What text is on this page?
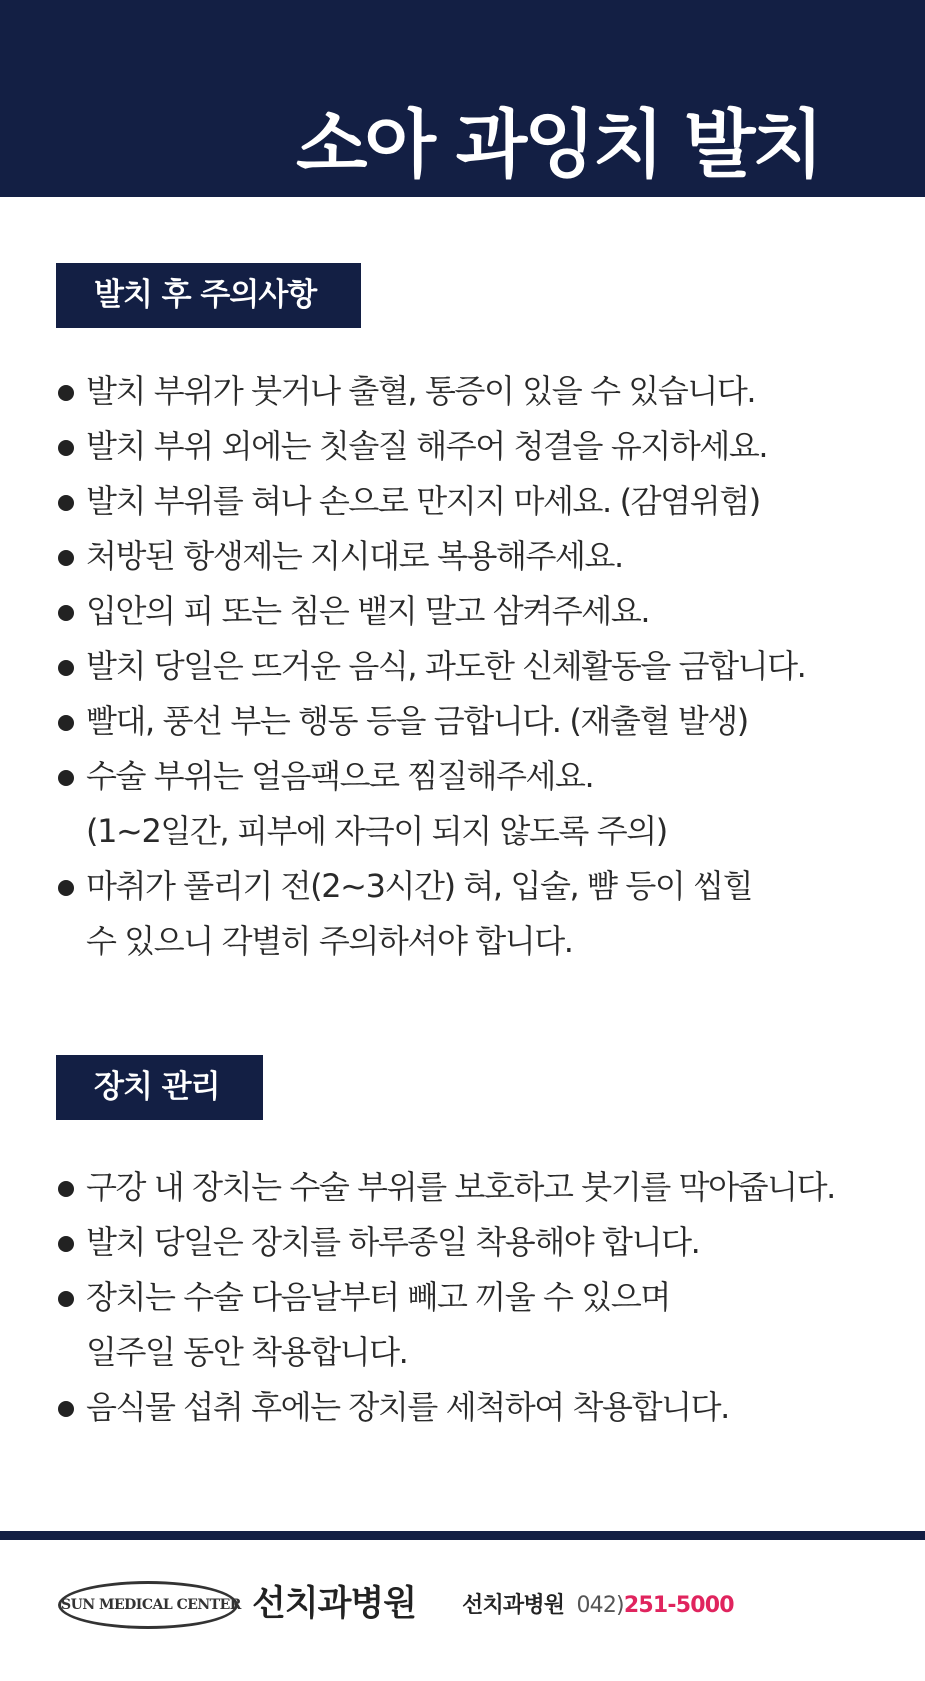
소아 과잉치 발치
발치 후 주의사항
발치 부위가 붓거나 출혈, 통증이 있을 수 있습니다.
발치 부위 외에는 칫솔질 해주어 청결을 유지하세요.
발치 부위를 혀나 손으로 만지지 마세요. (감염위험)
처방된 항생제는 지시대로 복용해주세요.
입안의 피 또는 침은 뱉지 말고 삼켜주세요.
발치 당일은 뜨거운 음식, 과도한 신체활동을 금합니다.
빨대, 풍선 부는 행동 등을 금합니다. (재출혈 발생)
수술 부위는 얼음팩으로 찜질해주세요.
(1~2일간, 피부에 자극이 되지 않도록 주의)
마취가 풀리기 전(2~3시간) 혀, 입술, 뺨 등이 씹힐
수 있으니 각별히 주의하셔야 합니다.
장치 관리
구강 내 장치는 수술 부위를 보호하고 붓기를 막아줍니다.
발치 당일은 장치를 하루종일 착용해야 합니다.
장치는 수술 다음날부터 빼고 끼울 수 있으며
일주일 동안 착용합니다.
음식물 섭취 후에는 장치를 세척하여 착용합니다.
SUN MEDICAL CENTER 선치과병원 선치과병원 042)251-5000
